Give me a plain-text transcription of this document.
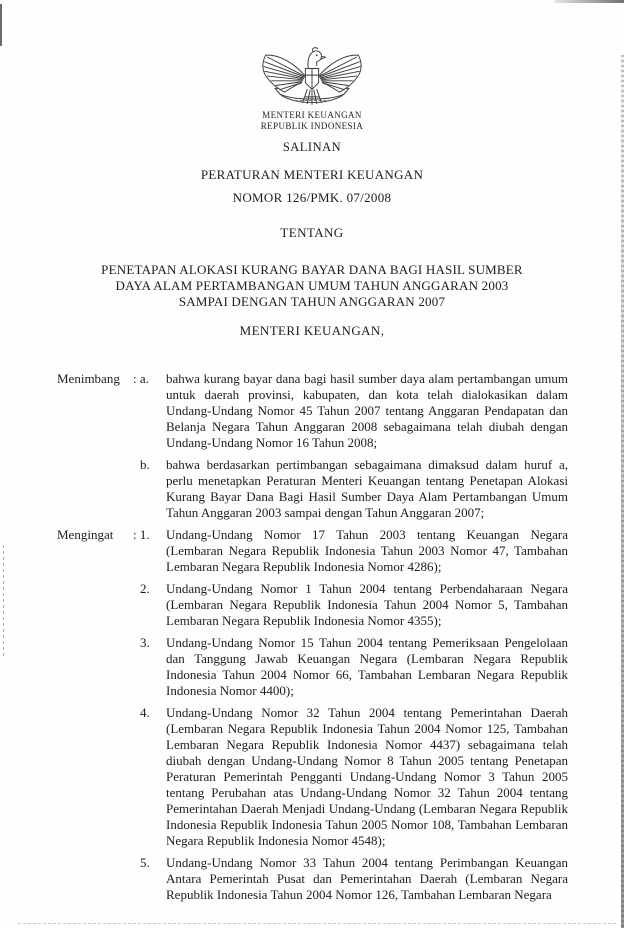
MENTERI KEUANGAN
REPUBLIK INDONESIA
SALINAN
PERATURAN MENTERI KEUANGAN
NOMOR 126/PMK. 07/2008
TENTANG
PENETAPAN ALOKASI KURANG BAYAR DANA BAGI HASIL SUMBER
DAYA ALAM PERTAMBANGAN UMUM TAHUN ANGGARAN 2003
SAMPAI DENGAN TAHUN ANGGARAN 2007
MENTERI KEUANGAN,
Menimbang	: a.	bahwa kurang bayar dana bagi hasil sumber daya alam pertambangan umum untuk daerah provinsi, kabupaten, dan kota telah dialokasikan dalam Undang-Undang Nomor 45 Tahun 2007 tentang Anggaran Pendapatan dan Belanja Negara Tahun Anggaran 2008 sebagaimana telah diubah dengan Undang-Undang Nomor 16 Tahun 2008;
b.	bahwa berdasarkan pertimbangan sebagaimana dimaksud dalam huruf a, perlu menetapkan Peraturan Menteri Keuangan tentang Penetapan Alokasi Kurang Bayar Dana Bagi Hasil Sumber Daya Alam Pertambangan Umum Tahun Anggaran 2003 sampai dengan Tahun Anggaran 2007;
Mengingat	: 1.	Undang-Undang Nomor 17 Tahun 2003 tentang Keuangan Negara (Lembaran Negara Republik Indonesia Tahun 2003 Nomor 47, Tambahan Lembaran Negara Republik Indonesia Nomor 4286);
2.	Undang-Undang Nomor 1 Tahun 2004 tentang Perbendaharaan Negara (Lembaran Negara Republik Indonesia Tahun 2004 Nomor 5, Tambahan Lembaran Negara Republik Indonesia Nomor 4355);
3.	Undang-Undang Nomor 15 Tahun 2004 tentang Pemeriksaan Pengelolaan dan Tanggung Jawab Keuangan Negara (Lembaran Negara Republik Indonesia Tahun 2004 Nomor 66, Tambahan Lembaran Negara Republik Indonesia Nomor 4400);
4.	Undang-Undang Nomor 32 Tahun 2004 tentang Pemerintahan Daerah (Lembaran Negara Republik Indonesia Tahun 2004 Nomor 125, Tambahan Lembaran Negara Republik Indonesia Nomor 4437) sebagaimana telah diubah dengan Undang-Undang Nomor 8 Tahun 2005 tentang Penetapan Peraturan Pemerintah Pengganti Undang-Undang Nomor 3 Tahun 2005 tentang Perubahan atas Undang-Undang Nomor 32 Tahun 2004 tentang Pemerintahan Daerah Menjadi Undang-Undang (Lembaran Negara Republik Indonesia Republik Indonesia Tahun 2005 Nomor 108, Tambahan Lembaran Negara Republik Indonesia Nomor 4548);
5.	Undang-Undang Nomor 33 Tahun 2004 tentang Perimbangan Keuangan Antara Pemerintah Pusat dan Pemerintahan Daerah (Lembaran Negara Republik Indonesia Tahun 2004 Nomor 126, Tambahan Lembaran Negara
